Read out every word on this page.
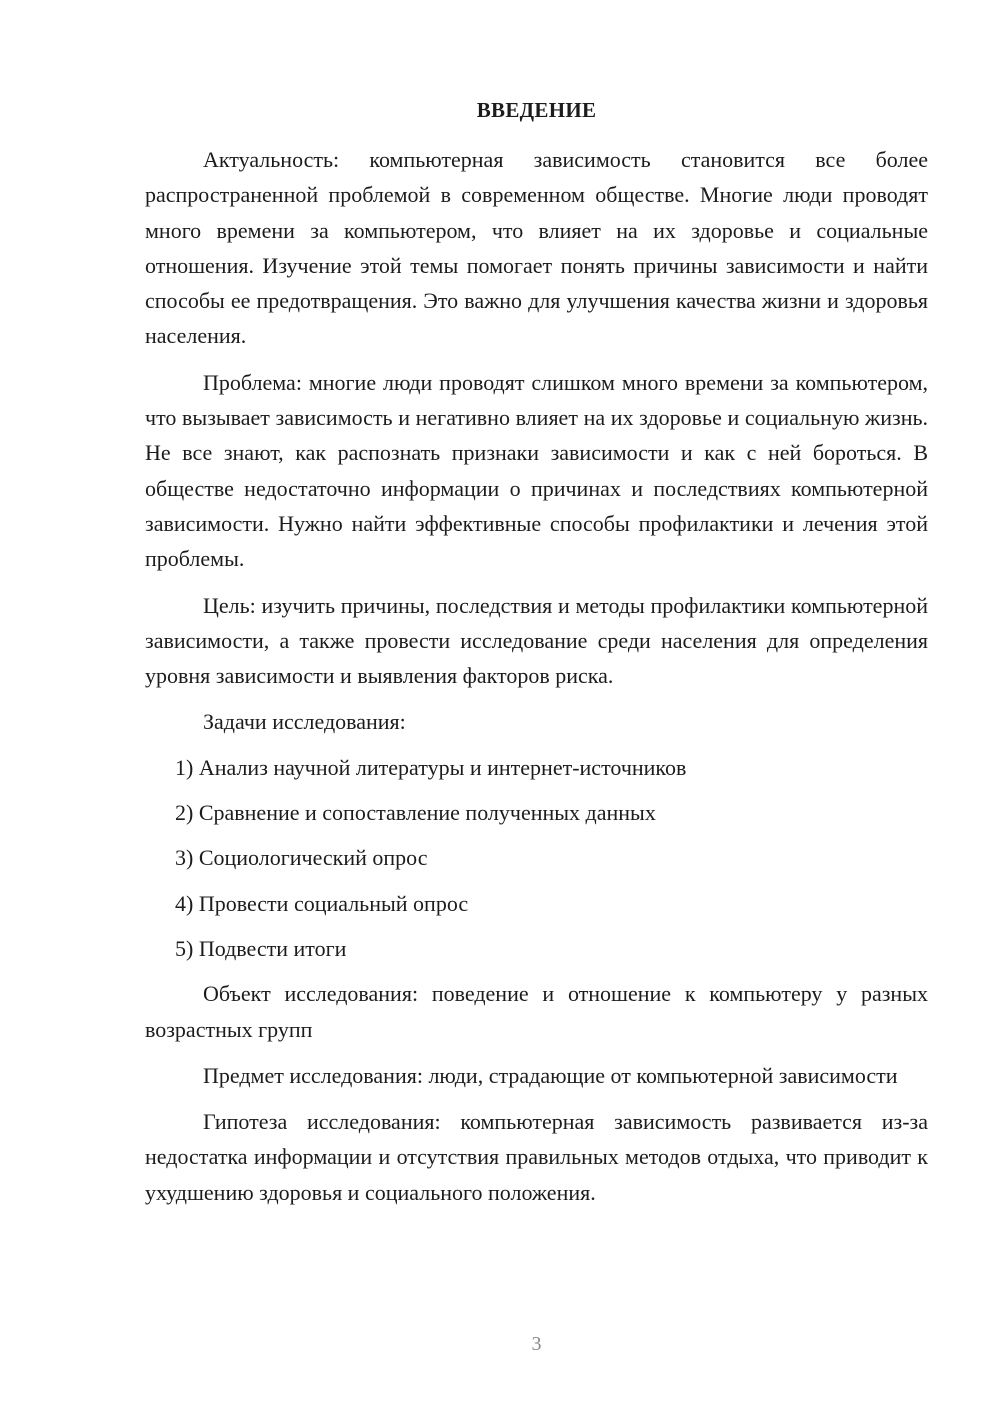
ВВЕДЕНИЕ

Актуальность: компьютерная зависимость становится все более распространенной проблемой в современном обществе. Многие люди проводят много времени за компьютером, что влияет на их здоровье и социальные отношения. Изучение этой темы помогает понять причины зависимости и найти способы ее предотвращения. Это важно для улучшения качества жизни и здоровья населения.

Проблема: многие люди проводят слишком много времени за компьютером, что вызывает зависимость и негативно влияет на их здоровье и социальную жизнь. Не все знают, как распознать признаки зависимости и как с ней бороться. В обществе недостаточно информации о причинах и последствиях компьютерной зависимости. Нужно найти эффективные способы профилактики и лечения этой проблемы.

Цель: изучить причины, последствия и методы профилактики компьютерной зависимости, а также провести исследование среди населения для определения уровня зависимости и выявления факторов риска.

Задачи исследования:

1) Анализ научной литературы и интернет-источников
2) Сравнение и сопоставление полученных данных
3) Социологический опрос
4) Провести социальный опрос
5) Подвести итоги

Объект исследования: поведение и отношение к компьютеру у разных возрастных групп

Предмет исследования: люди, страдающие от компьютерной зависимости

Гипотеза исследования: компьютерная зависимость развивается из-за недостатка информации и отсутствия правильных методов отдыха, что приводит к ухудшению здоровья и социального положения.

3
